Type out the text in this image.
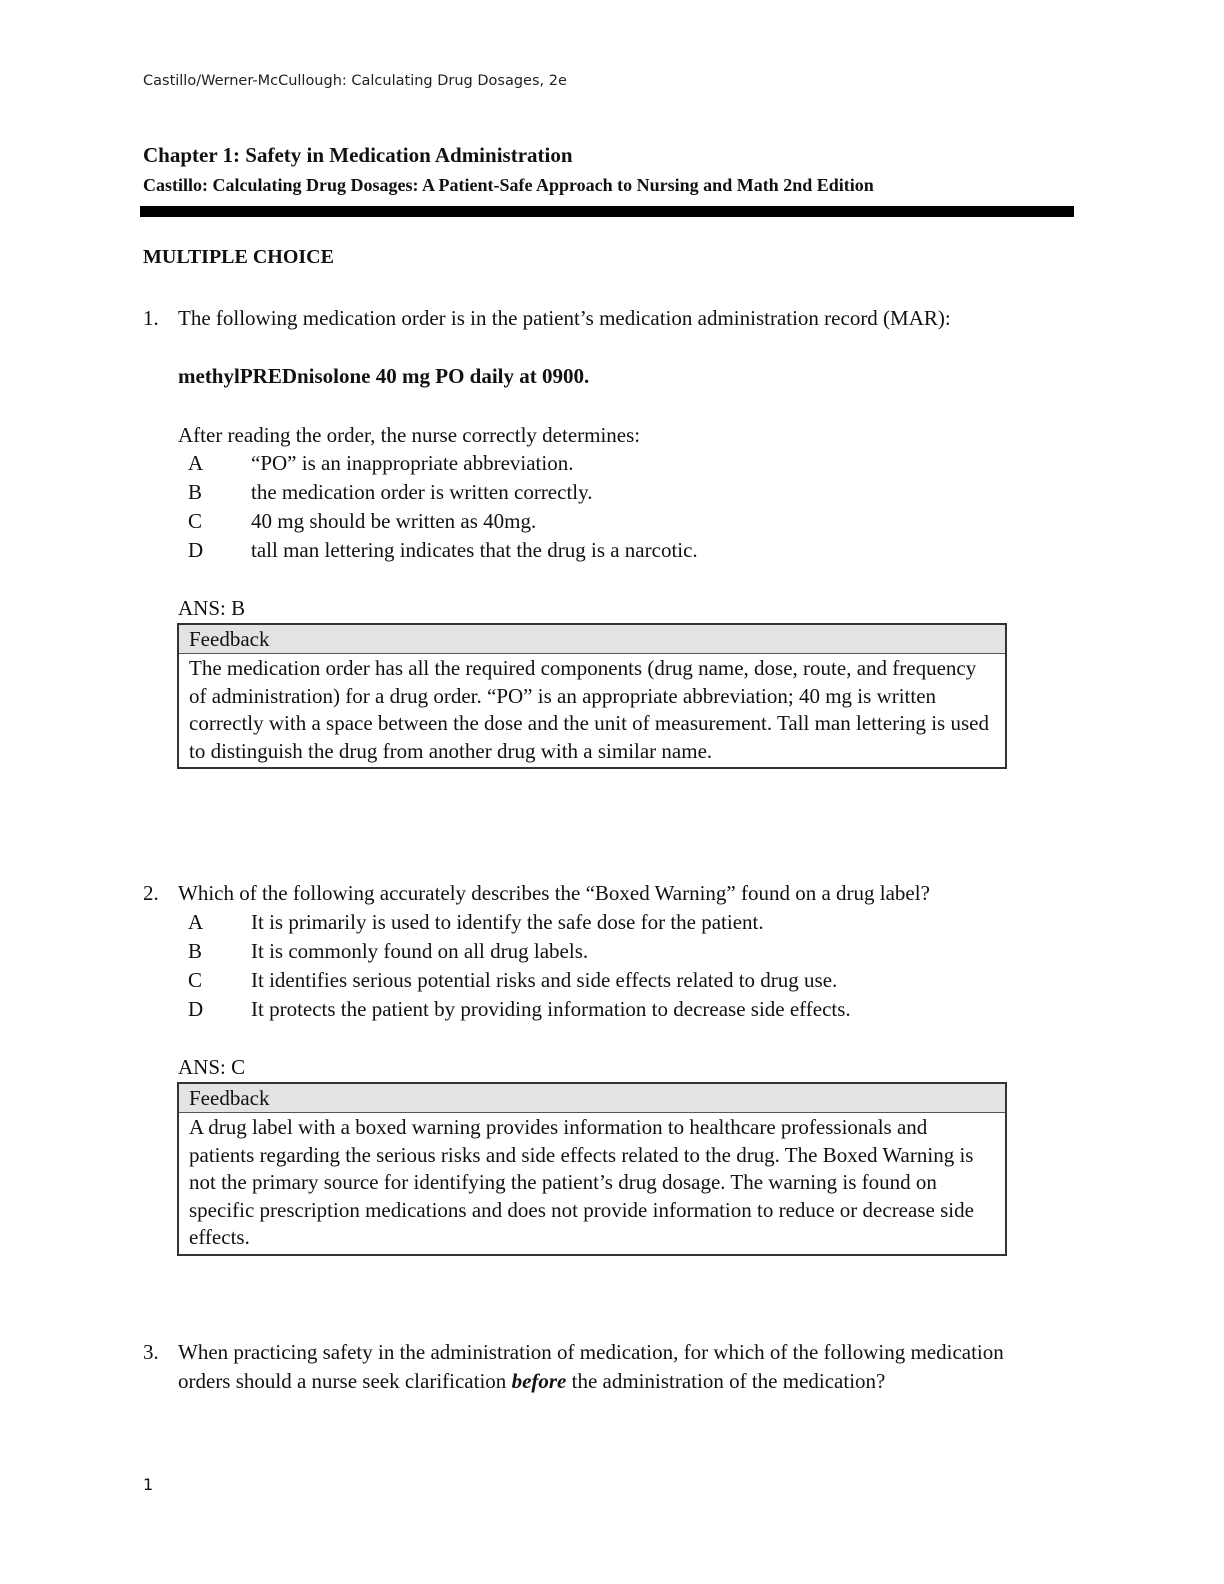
Castillo/Werner-McCullough: Calculating Drug Dosages, 2e
Chapter 1: Safety in Medication Administration
Castillo: Calculating Drug Dosages: A Patient-Safe Approach to Nursing and Math 2nd Edition
MULTIPLE CHOICE
1. The following medication order is in the patient’s medication administration record (MAR):
methylPREDnisolone 40 mg PO daily at 0900.
After reading the order, the nurse correctly determines:
A “PO” is an inappropriate abbreviation.
B the medication order is written correctly.
C 40 mg should be written as 40mg.
D tall man lettering indicates that the drug is a narcotic.
ANS: B
Feedback
The medication order has all the required components (drug name, dose, route, and frequency of administration) for a drug order. “PO” is an appropriate abbreviation; 40 mg is written correctly with a space between the dose and the unit of measurement. Tall man lettering is used to distinguish the drug from another drug with a similar name.
2. Which of the following accurately describes the “Boxed Warning” found on a drug label?
A It is primarily is used to identify the safe dose for the patient.
B It is commonly found on all drug labels.
C It identifies serious potential risks and side effects related to drug use.
D It protects the patient by providing information to decrease side effects.
ANS: C
Feedback
A drug label with a boxed warning provides information to healthcare professionals and patients regarding the serious risks and side effects related to the drug. The Boxed Warning is not the primary source for identifying the patient’s drug dosage. The warning is found on specific prescription medications and does not provide information to reduce or decrease side effects.
3. When practicing safety in the administration of medication, for which of the following medication orders should a nurse seek clarification before the administration of the medication?
1
